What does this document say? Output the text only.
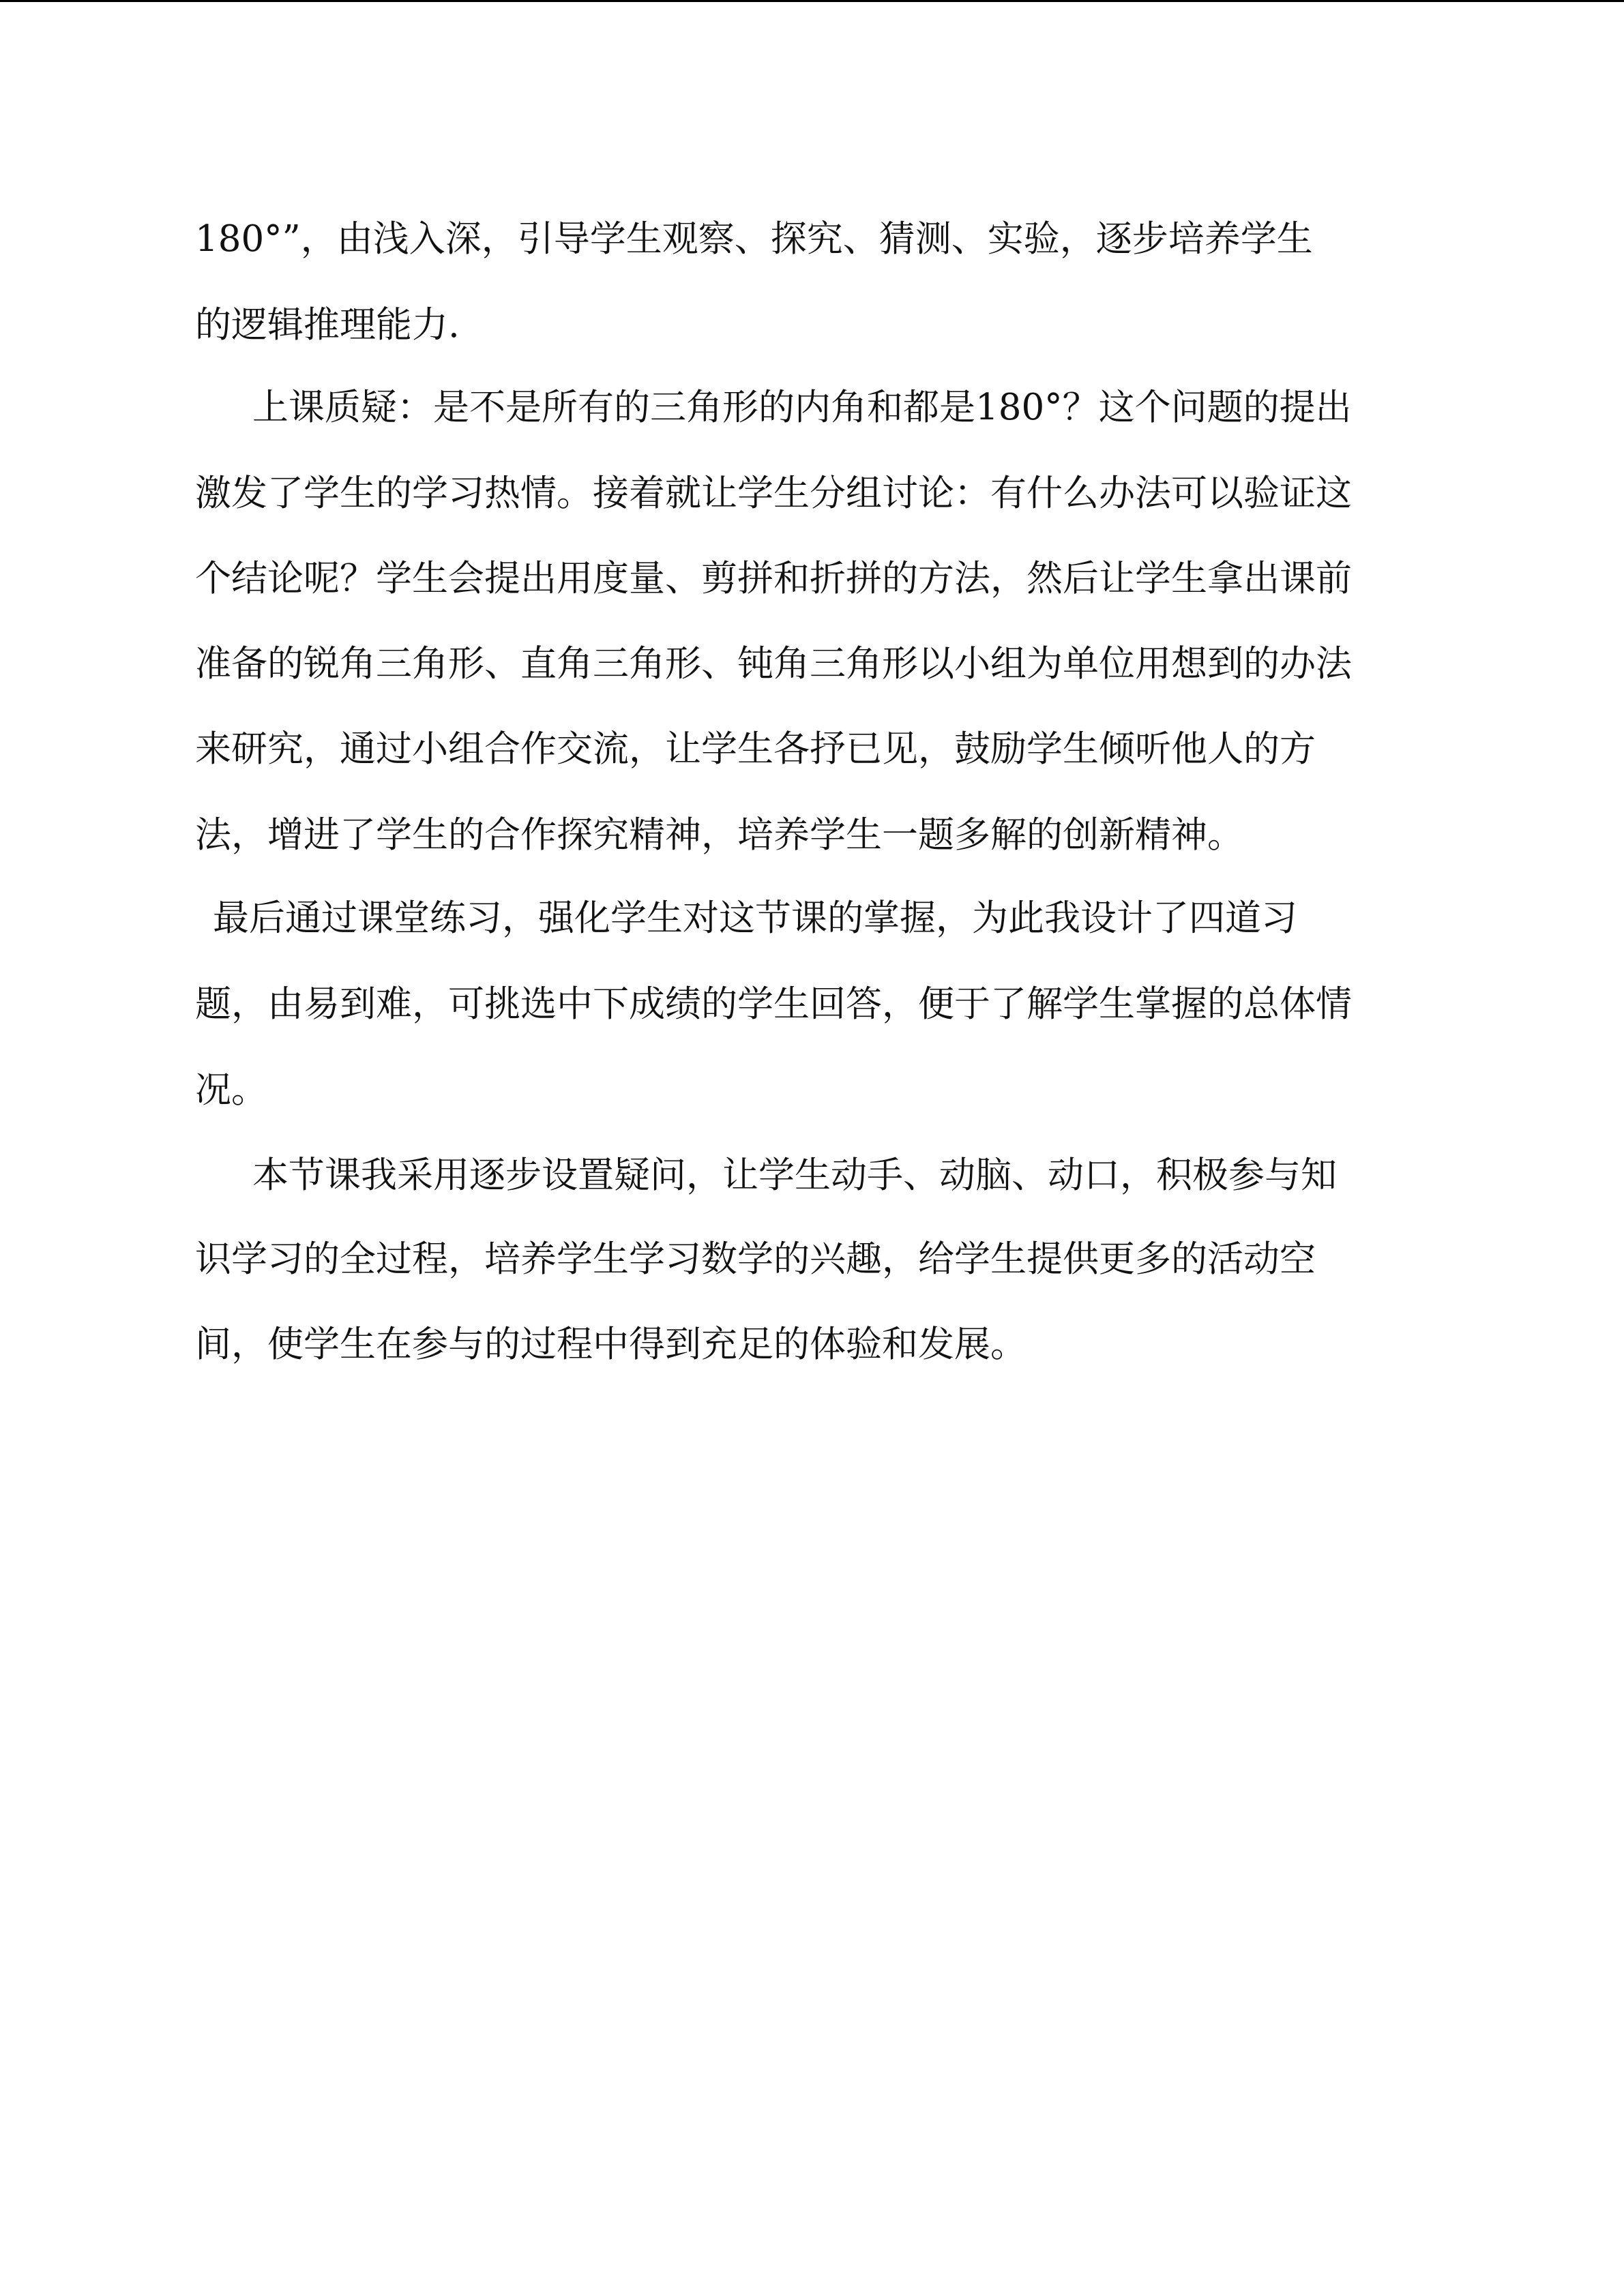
180°”，由浅入深，引导学生观察、探究、猜测、实验，逐步培养学生
的逻辑推理能力.
上课质疑：是不是所有的三角形的内角和都是180°？这个问题的提出
激发了学生的学习热情。接着就让学生分组讨论：有什么办法可以验证这
个结论呢？学生会提出用度量、剪拼和折拼的方法，然后让学生拿出课前
准备的锐角三角形、直角三角形、钝角三角形以小组为单位用想到的办法
来研究，通过小组合作交流，让学生各抒已见，鼓励学生倾听他人的方
法，增进了学生的合作探究精神，培养学生一题多解的创新精神。
最后通过课堂练习，强化学生对这节课的掌握，为此我设计了四道习
题，由易到难，可挑选中下成绩的学生回答，便于了解学生掌握的总体情
况。
本节课我采用逐步设置疑问，让学生动手、动脑、动口，积极参与知
识学习的全过程，培养学生学习数学的兴趣，给学生提供更多的活动空
间，使学生在参与的过程中得到充足的体验和发展。
